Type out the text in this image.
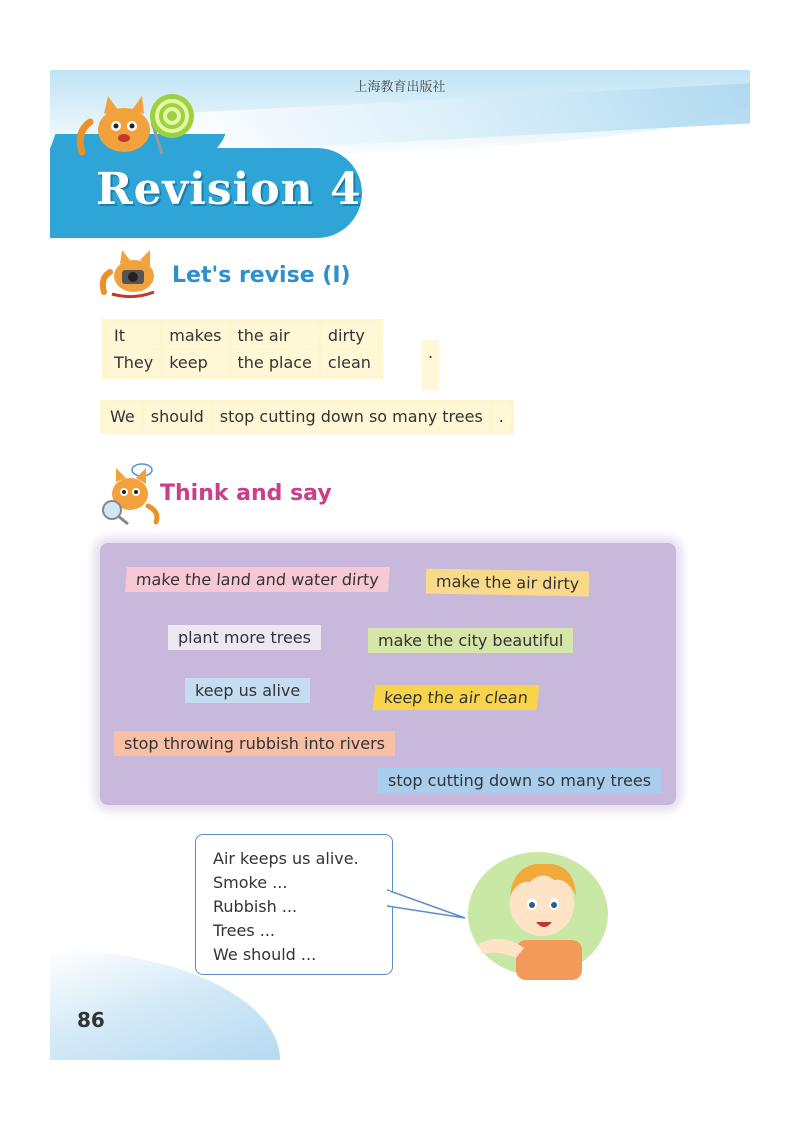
上海教育出版社
Revision 4
Let's revise (I)
It	makes	the air	dirty
They	keep	the place	clean
.
We	should	stop cutting down so many trees	.
Think and say
make the land and water dirty	make the air dirty
plant more trees	make the city beautiful
keep us alive	keep the air clean
stop throwing rubbish into rivers
stop cutting down so many trees
Air keeps us alive.
Smoke ...
Rubbish ...
Trees ...
We should ...
86
